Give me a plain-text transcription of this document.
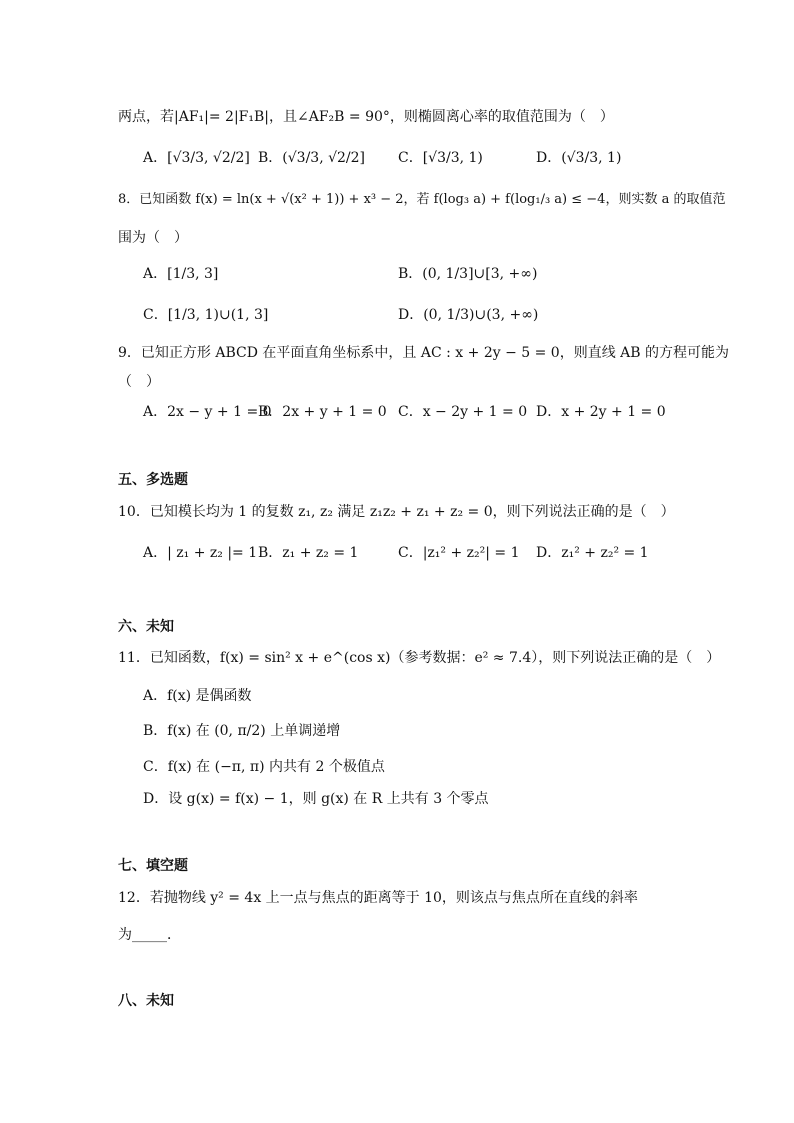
两点，若|AF₁|= 2|F₁B|，且∠AF₂B = 90°，则椭圆离心率的取值范围为（　）
A．[√3/3, √2/2] B．(√3/3, √2/2] C．[√3/3, 1)	D．(√3/3, 1)
8．已知函数 f(x) = ln(x + √(x² + 1)) + x³ − 2，若 f(log₃ a) + f(log₁/₃ a) ≤ −4，则实数 a 的取值范
围为（　）
A．[1/3, 3]	B．(0, 1/3]∪[3, +∞)
C．[1/3, 1)∪(1, 3]	D．(0, 1/3)∪(3, +∞)
9．已知正方形 ABCD 在平面直角坐标系中，且 AC : x + 2y − 5 = 0，则直线 AB 的方程可能为
（　）
A．2x − y + 1 = 0
B．2x + y + 1 = 0 C．x − 2y + 1 = 0 D．x + 2y + 1 = 0
五、多选题
10．已知模长均为 1 的复数 z₁, z₂ 满足 z₁z₂ + z₁ + z₂ = 0，则下列说法正确的是（　）
A．| z₁ + z₂ |= 1 B．z₁ + z₂ = 1	C．|z₁² + z₂²| = 1 D．z₁² + z₂² = 1
六、未知
11．已知函数，f(x) = sin² x + e^(cos x)（参考数据：e² ≈ 7.4），则下列说法正确的是（　）
A．f(x) 是偶函数
B．f(x) 在 (0, π/2) 上单调递增
C．f(x) 在 (−π, π) 内共有 2 个极值点
D．设 g(x) = f(x) − 1，则 g(x) 在 R 上共有 3 个零点
七、填空题
12．若抛物线 y² = 4x 上一点与焦点的距离等于 10，则该点与焦点所在直线的斜率
为_____．
八、未知
